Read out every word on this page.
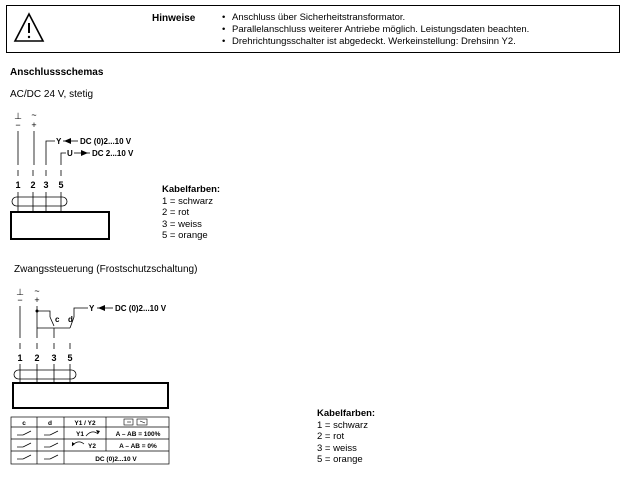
Hinweise
•	Anschluss über Sicherheitstransformator.
• Parallelanschluss weiterer Antriebe möglich. Leistungsdaten beachten.
• Drehrichtungsschalter ist abgedeckt. Werkeinstellung: Drehsinn Y2.
Anschlussschemas
AC/DC 24 V, stetig
⊥ ~
− +
Y DC (0)2...10 V
U DC 2...10 V
1 2 3 5	Kabelfarben:
1 = schwarz
2 = rot
3 = weiss
5 = orange
Zwangssteuerung (Frostschutzschaltung)
⊥ ~
− +
c d
Y	DC (0)2...10 V
1 2 3 5
c	d	Y1 / Y2
A – AB = 100%
A – AB = 0%
DC (0)2...10 V
Y1
Y2
Kabelfarben:
1 = schwarz
2 = rot
3 = weiss
5 = orange
